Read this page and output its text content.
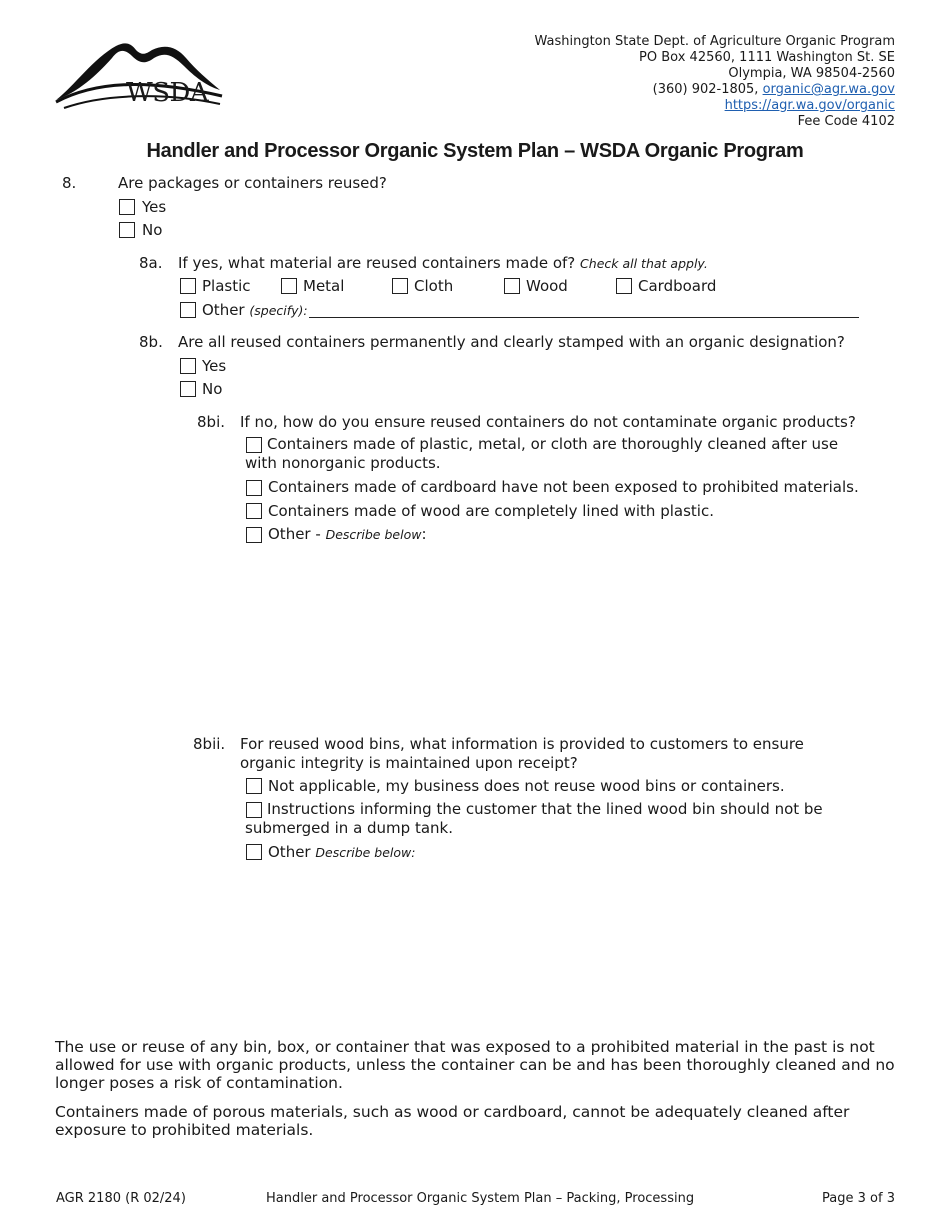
WSDA
Washington State Dept. of Agriculture Organic Program
PO Box 42560, 1111 Washington St. SE
Olympia, WA 98504-2560
(360) 902-1805, organic@agr.wa.gov
https://agr.wa.gov/organic
Fee Code 4102
Handler and Processor Organic System Plan – WSDA Organic Program
8.	Are packages or containers reused?
Yes
No
8a. If yes, what material are reused containers made of? Check all that apply.
Plastic	Metal	Cloth	Wood	Cardboard
Other (specify):
8b. Are all reused containers permanently and clearly stamped with an organic designation?
Yes
No
8bi. If no, how do you ensure reused containers do not contaminate organic products?
Containers made of plastic, metal, or cloth are thoroughly cleaned after use with nonorganic products.
Containers made of cardboard have not been exposed to prohibited materials.
Containers made of wood are completely lined with plastic.
Other - Describe below:
8bii. For reused wood bins, what information is provided to customers to ensure organic integrity is maintained upon receipt?
Not applicable, my business does not reuse wood bins or containers.
Instructions informing the customer that the lined wood bin should not be submerged in a dump tank.
Other Describe below:
The use or reuse of any bin, box, or container that was exposed to a prohibited material in the past is not allowed for use with organic products, unless the container can be and has been thoroughly cleaned and no longer poses a risk of contamination.
Containers made of porous materials, such as wood or cardboard, cannot be adequately cleaned after exposure to prohibited materials.
AGR 2180 (R 02/24)	Handler and Processor Organic System Plan – Packing, Processing	Page 3 of 3
